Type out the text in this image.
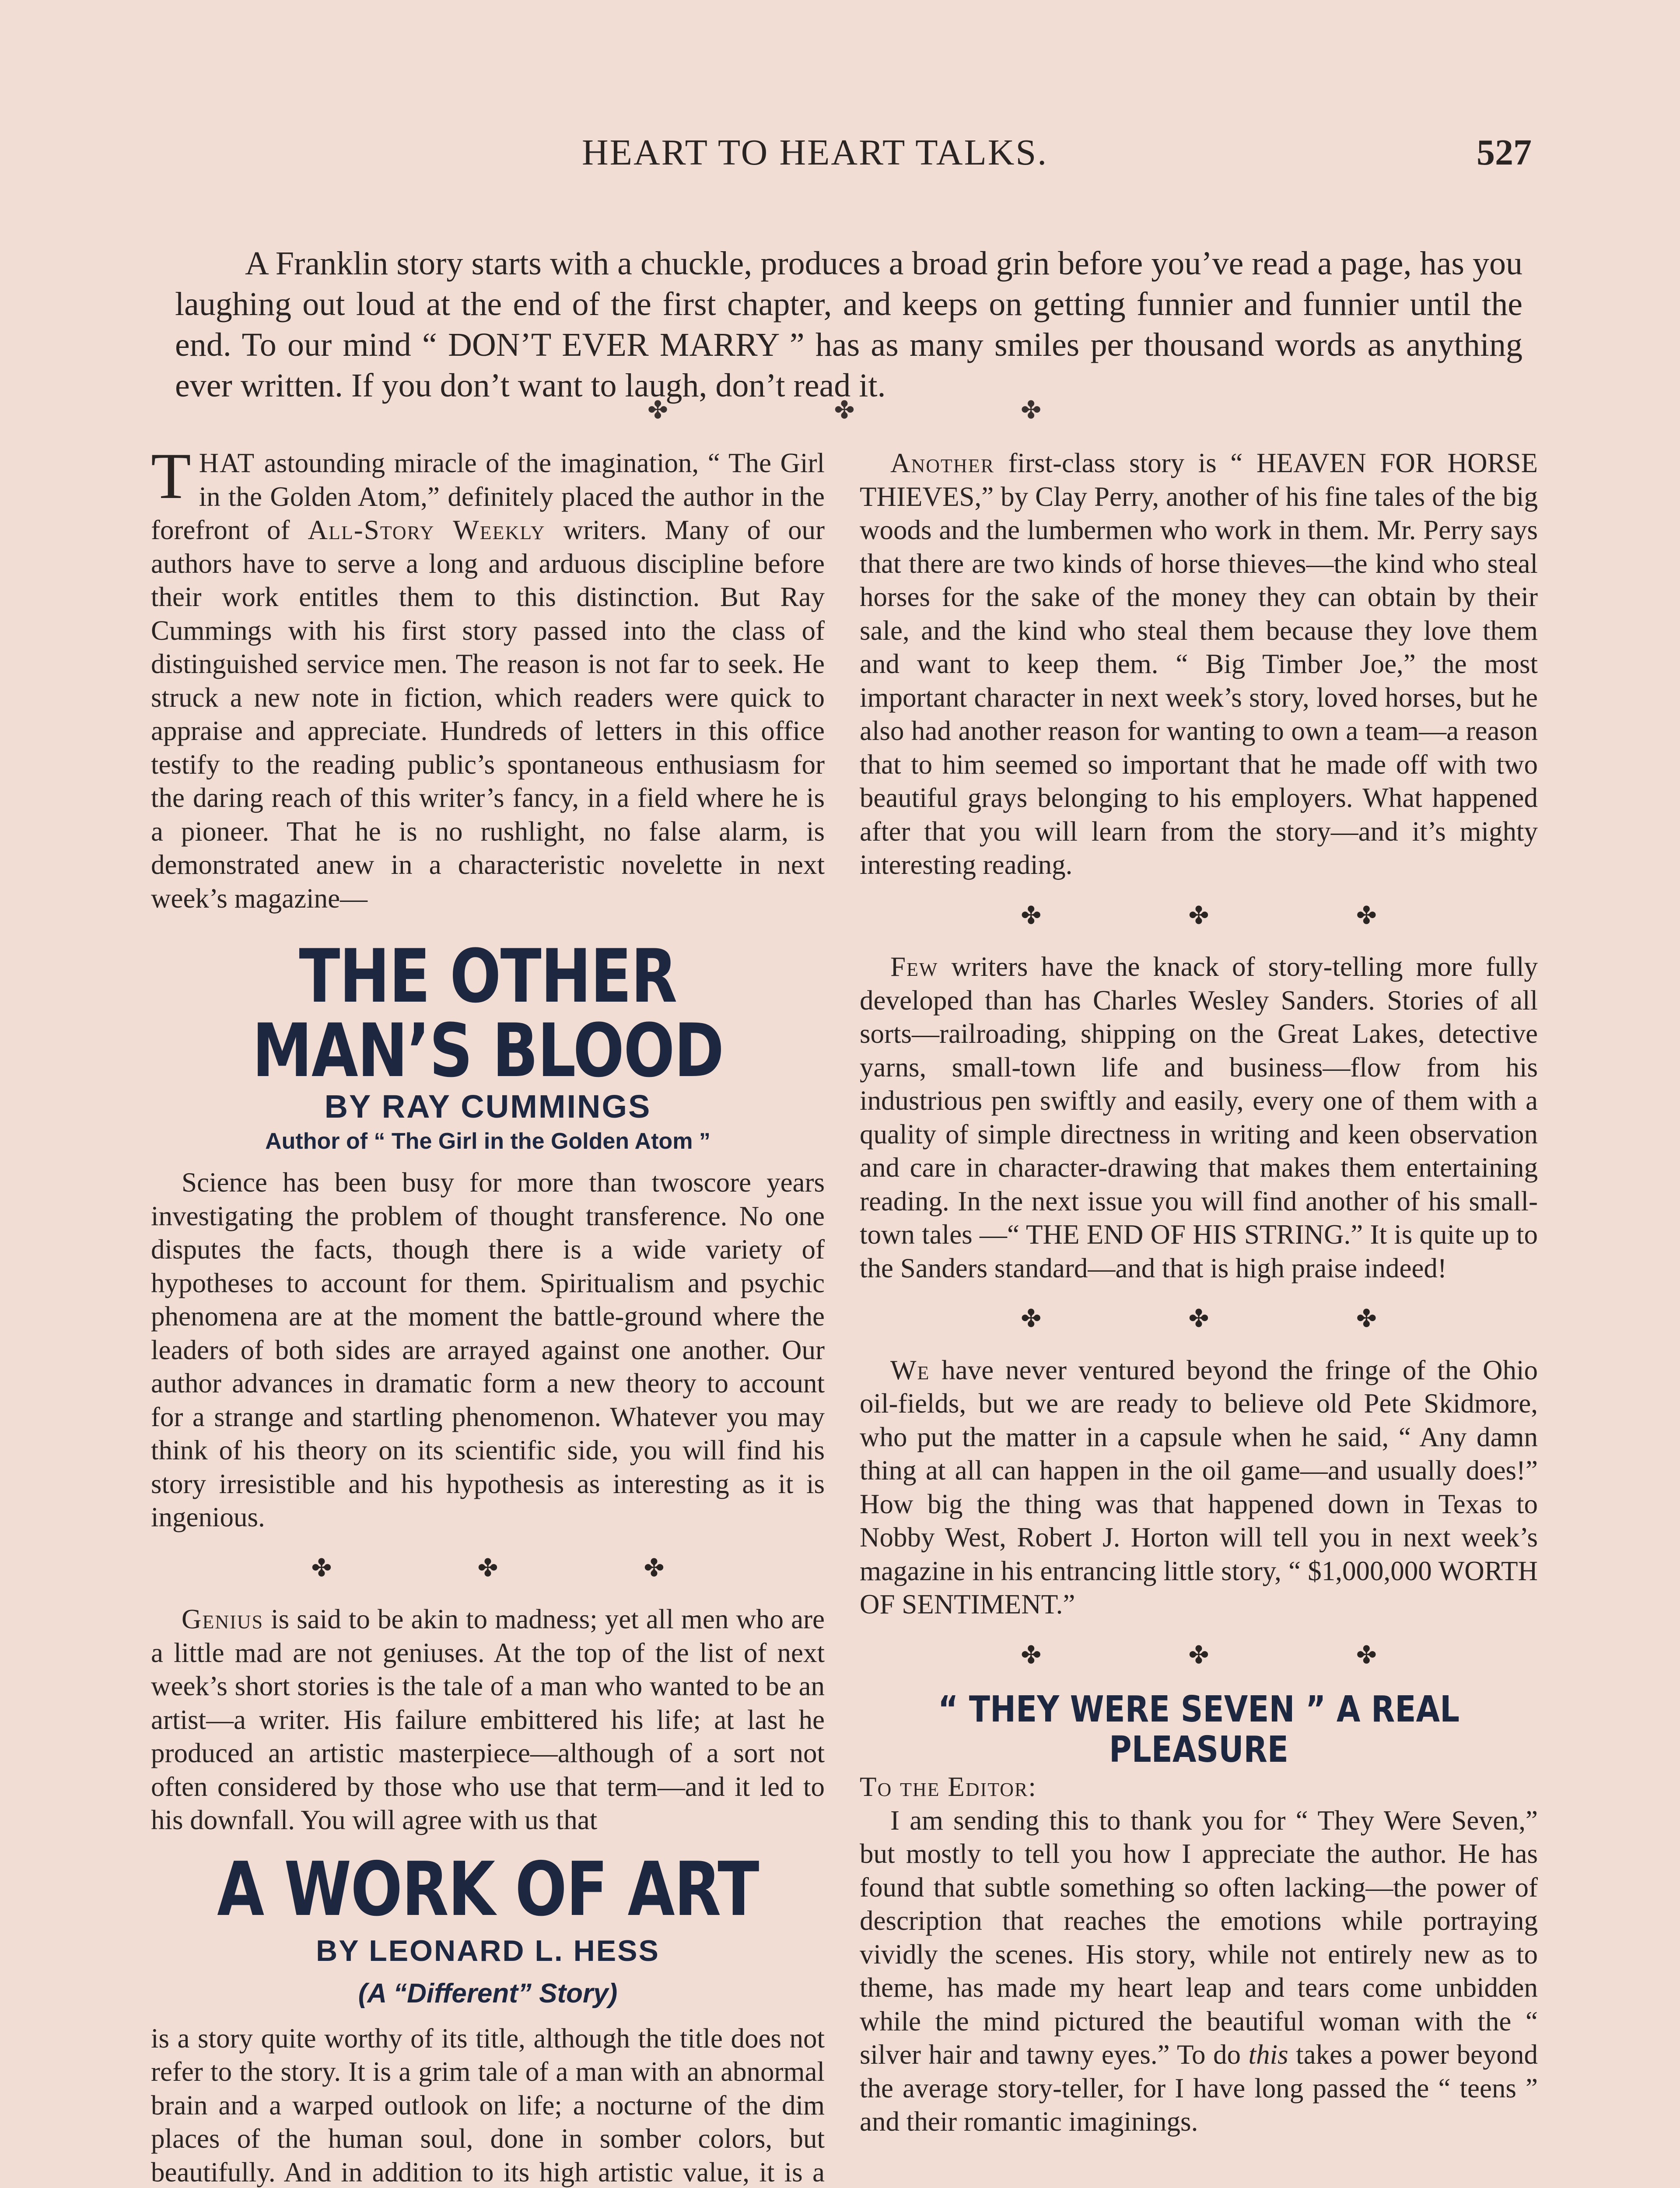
HEART TO HEART TALKS.	527

A Franklin story starts with a chuckle, produces a broad grin before you’ve read a page, has you laughing out loud at the end of the first chapter, and keeps on getting funnier and funnier until the end. To our mind “ DON’T EVER MARRY ” has as many smiles per thousand words as anything ever written. If you don’t want to laugh, don’t read it.

✤	✤	✤

THAT astounding miracle of the imagination, “ The Girl in the Golden Atom,” definitely placed the author in the forefront of All-Story Weekly writers. Many of our authors have to serve a long and arduous discipline before their work entitles them to this distinction. But Ray Cummings with his first story passed into the class of distinguished service men. The reason is not far to seek. He struck a new note in fiction, which readers were quick to appraise and appreciate. Hundreds of letters in this office testify to the reading public’s spontaneous enthusiasm for the daring reach of this writer’s fancy, in a field where he is a pioneer. That he is no rushlight, no false alarm, is demonstrated anew in a characteristic novelette in next week’s magazine—

THE OTHER MAN’S BLOOD
BY RAY CUMMINGS
Author of “ The Girl in the Golden Atom ”

Science has been busy for more than twoscore years investigating the problem of thought transference. No one disputes the facts, though there is a wide variety of hypotheses to account for them. Spiritualism and psychic phenomena are at the moment the battle-ground where the leaders of both sides are arrayed against one another. Our author advances in dramatic form a new theory to account for a strange and startling phenomenon. Whatever you may think of his theory on its scientific side, you will find his story irresistible and his hypothesis as interesting as it is ingenious.

✤	✤	✤

Genius is said to be akin to madness; yet all men who are a little mad are not geniuses. At the top of the list of next week’s short stories is the tale of a man who wanted to be an artist—a writer. His failure embittered his life; at last he produced an artistic masterpiece—although of a sort not often considered by those who use that term—and it led to his downfall. You will agree with us that

A WORK OF ART
BY LEONARD L. HESS
(A “Different” Story)

is a story quite worthy of its title, although the title does not refer to the story. It is a grim tale of a man with an abnormal brain and a warped outlook on life; a nocturne of the dim places of the human soul, done in somber colors, but beautifully. And in addition to its high artistic value, it is a

Another first-class story is “ HEAVEN FOR HORSE THIEVES,” by Clay Perry, another of his fine tales of the big woods and the lumbermen who work in them. Mr. Perry says that there are two kinds of horse thieves—the kind who steal horses for the sake of the money they can obtain by their sale, and the kind who steal them because they love them and want to keep them. “ Big Timber Joe,” the most important character in next week’s story, loved horses, but he also had another reason for wanting to own a team—a reason that to him seemed so important that he made off with two beautiful grays belonging to his employers. What happened after that you will learn from the story—and it’s mighty interesting reading.

✤	✤	✤

Few writers have the knack of story-telling more fully developed than has Charles Wesley Sanders. Stories of all sorts—railroading, shipping on the Great Lakes, detective yarns, small-town life and business—flow from his industrious pen swiftly and easily, every one of them with a quality of simple directness in writing and keen observation and care in character-drawing that makes them entertaining reading. In the next issue you will find another of his small-town tales —“ THE END OF HIS STRING.” It is quite up to the Sanders standard—and that is high praise indeed!

✤	✤	✤

We have never ventured beyond the fringe of the Ohio oil-fields, but we are ready to believe old Pete Skidmore, who put the matter in a capsule when he said, “ Any damn thing at all can happen in the oil game—and usually does!” How big the thing was that happened down in Texas to Nobby West, Robert J. Horton will tell you in next week’s magazine in his entrancing little story, “ $1,000,000 WORTH OF SENTIMENT.”

✤	✤	✤
“ THEY WERE SEVEN ” A REAL PLEASURE

To the Editor:

I am sending this to thank you for “ They Were Seven,” but mostly to tell you how I appreciate the author. He has found that subtle something so often lacking—the power of description that reaches the emotions while portraying vividly the scenes. His story, while not entirely new as to theme, has made my heart leap and tears come unbidden while the mind pictured the beautiful woman with the “ silver hair and tawny eyes.” To do this takes a power beyond the average story-teller, for I have long passed the “ teens ” and their romantic imaginings.
